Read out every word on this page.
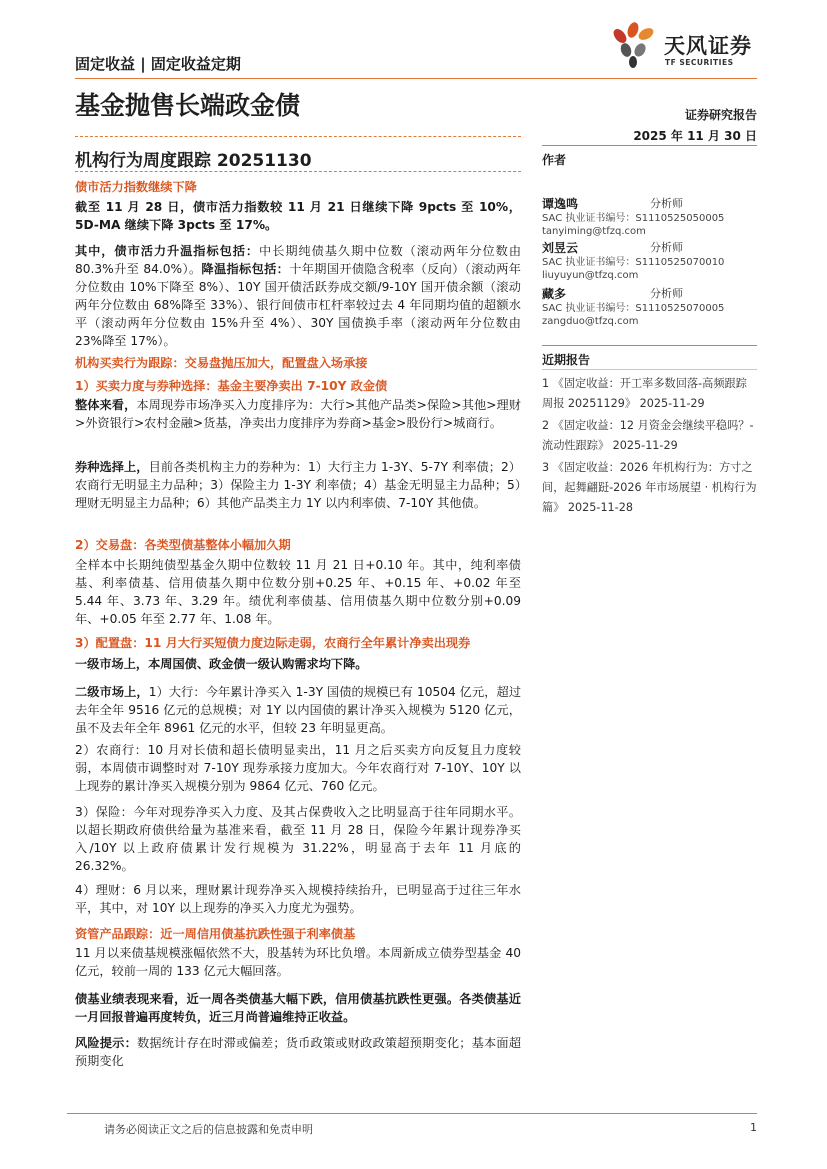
固定收益 | 固定收益定期
天风证券
TF SECURITIES
基金抛售长端政金债	证券研究报告
2025 年 11 月 30 日
机构行为周度跟踪 20251130	作者
谭逸鸣	分析师
SAC 执业证书编号：S1110525050005
tanyiming@tfzq.com
刘昱云	分析师
SAC 执业证书编号：S1110525070010
liuyuyun@tfzq.com
藏多	分析师
SAC 执业证书编号：S1110525070005
zangduo@tfzq.com
近期报告
1 《固定收益：开工率多数回落-高频跟踪周报 20251129》 2025-11-29
2 《固定收益：12 月资金会继续平稳吗？-流动性跟踪》 2025-11-29
3 《固定收益：2026 年机构行为：方寸之间，起舞翩跹-2026 年市场展望 · 机构行为篇》 2025-11-28
债市活力指数继续下降
截至 11 月 28 日，债市活力指数较 11 月 21 日继续下降 9pcts 至 10%，5D-MA 继续下降 3pcts 至 17%。
其中，债市活力升温指标包括：中长期纯债基久期中位数（滚动两年分位数由 80.3%升至 84.0%）。降温指标包括：十年期国开债隐含税率（反向）（滚动两年分位数由 10%下降至 8%）、10Y 国开债活跃券成交额/9-10Y 国开债余额（滚动两年分位数由 68%降至 33%）、银行间债市杠杆率较过去 4 年同期均值的超额水平（滚动两年分位数由 15%升至 4%）、30Y 国债换手率（滚动两年分位数由 23%降至 17%）。
机构买卖行为跟踪：交易盘抛压加大，配置盘入场承接
1）买卖力度与券种选择：基金主要净卖出 7-10Y 政金债
整体来看，本周现券市场净买入力度排序为：大行>其他产品类>保险>其他>理财>外资银行>农村金融>货基，净卖出力度排序为券商>基金>股份行>城商行。
券种选择上，目前各类机构主力的券种为：1）大行主力 1-3Y、5-7Y 利率债；2）农商行无明显主力品种；3）保险主力 1-3Y 利率债；4）基金无明显主力品种；5）理财无明显主力品种；6）其他产品类主力 1Y 以内利率债、7-10Y 其他债。
2）交易盘：各类型债基整体小幅加久期
全样本中长期纯债型基金久期中位数较 11 月 21 日+0.10 年。其中，纯利率债基、利率债基、信用债基久期中位数分别+0.25 年、+0.15 年、+0.02 年至 5.44 年、3.73 年、3.29 年。绩优利率债基、信用债基久期中位数分别+0.09 年、+0.05 年至 2.77 年、1.08 年。
3）配置盘：11 月大行买短债力度边际走弱，农商行全年累计净卖出现券
一级市场上，本周国债、政金债一级认购需求均下降。
二级市场上，1）大行：今年累计净买入 1-3Y 国债的规模已有 10504 亿元，超过去年全年 9516 亿元的总规模；对 1Y 以内国债的累计净买入规模为 5120 亿元，虽不及去年全年 8961 亿元的水平，但较 23 年明显更高。
2）农商行：10 月对长债和超长债明显卖出，11 月之后买卖方向反复且力度较弱，本周债市调整时对 7-10Y 现券承接力度加大。今年农商行对 7-10Y、10Y 以上现券的累计净买入规模分别为 9864 亿元、760 亿元。
3）保险：今年对现券净买入力度、及其占保费收入之比明显高于往年同期水平。以超长期政府债供给量为基准来看，截至 11 月 28 日，保险今年累计现券净买入/10Y 以上政府债累计发行规模为 31.22%，明显高于去年 11 月底的 26.32%。
4）理财：6 月以来，理财累计现券净买入规模持续抬升，已明显高于过往三年水平，其中，对 10Y 以上现券的净买入力度尤为强势。
资管产品跟踪：近一周信用债基抗跌性强于利率债基
11 月以来债基规模涨幅依然不大，股基转为环比负增。本周新成立债券型基金 40 亿元，较前一周的 133 亿元大幅回落。
债基业绩表现来看，近一周各类债基大幅下跌，信用债基抗跌性更强。各类债基近一月回报普遍再度转负，近三月尚普遍维持正收益。
风险提示：数据统计存在时滞或偏差；货币政策或财政政策超预期变化；基本面超预期变化
请务必阅读正文之后的信息披露和免责申明	1
